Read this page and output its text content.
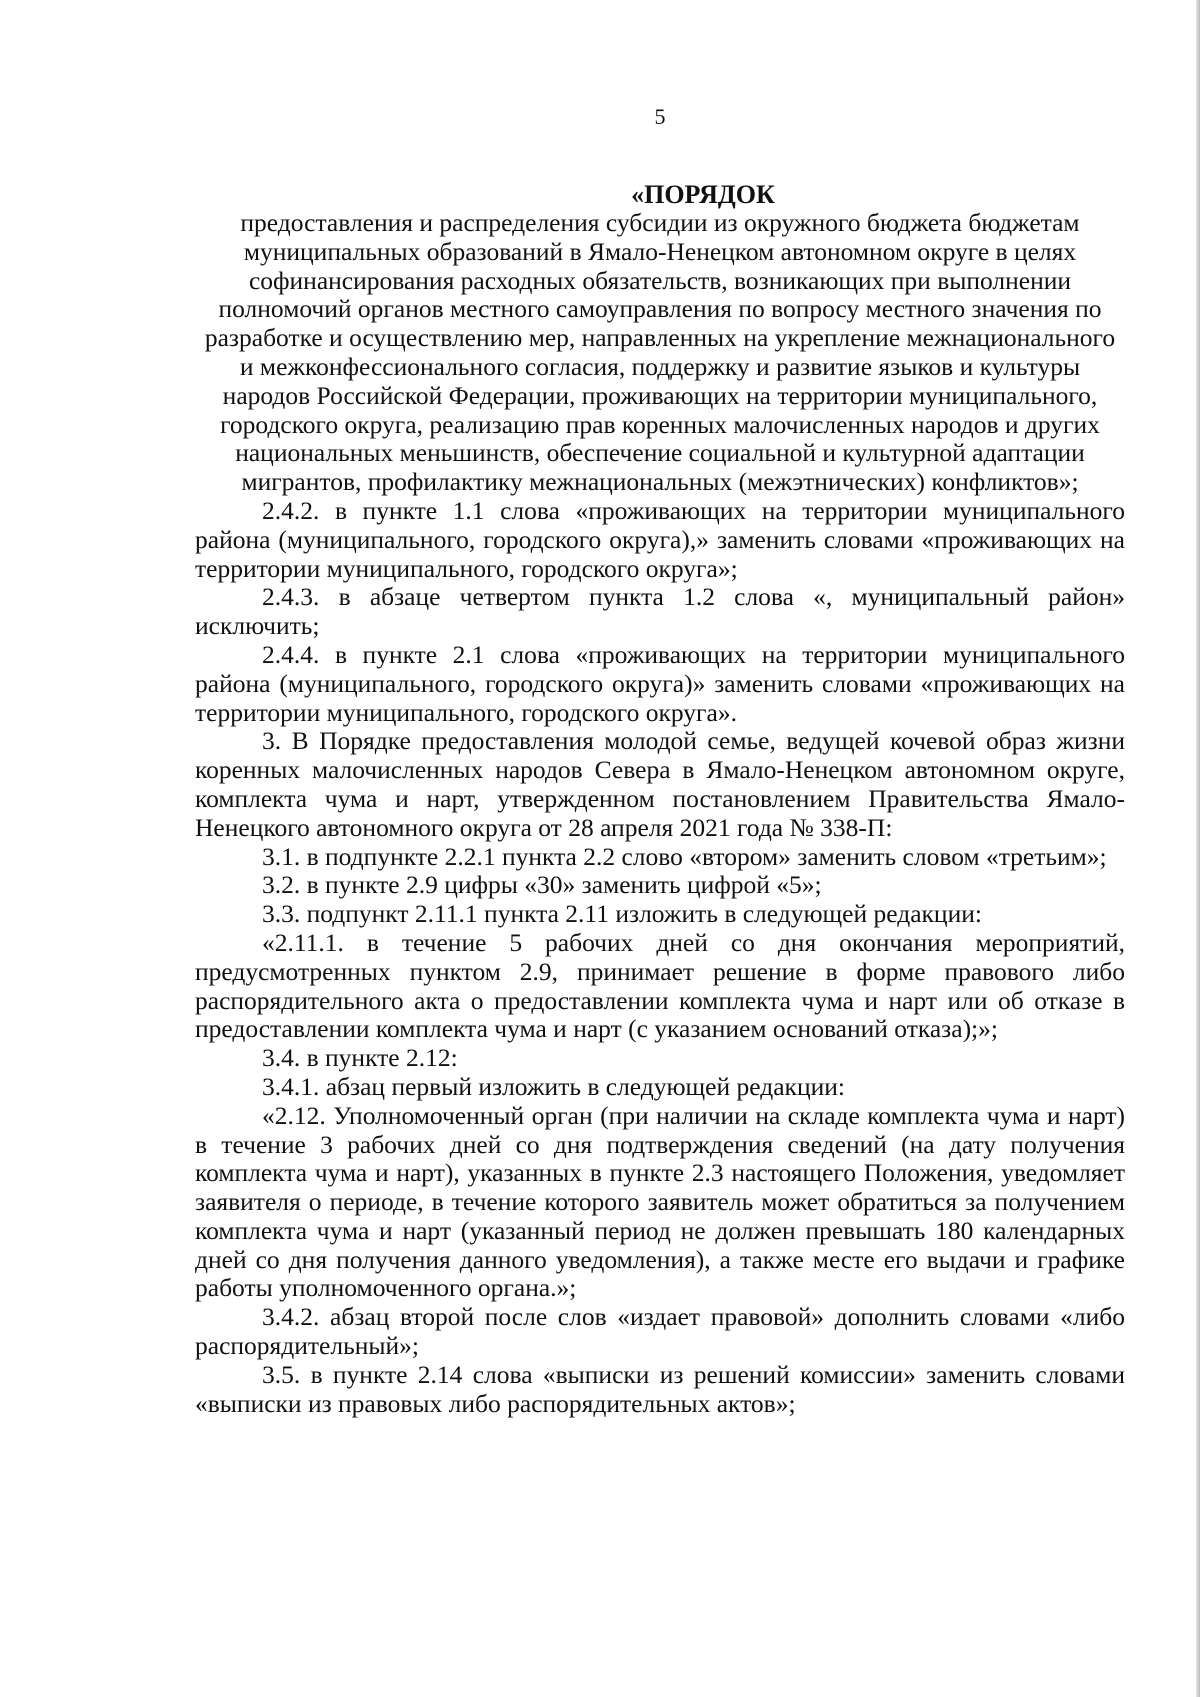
5

«ПОРЯДОК

предоставления и распределения субсидии из окружного бюджета бюджетам муниципальных образований в Ямало-Ненецком автономном округе в целях софинансирования расходных обязательств, возникающих при выполнении полномочий органов местного самоуправления по вопросу местного значения по разработке и осуществлению мер, направленных на укрепление межнационального и межконфессионального согласия, поддержку и развитие языков и культуры народов Российской Федерации, проживающих на территории муниципального, городского округа, реализацию прав коренных малочисленных народов и других национальных меньшинств, обеспечение социальной и культурной адаптации мигрантов, профилактику межнациональных (межэтнических) конфликтов»;

2.4.2. в пункте 1.1 слова «проживающих на территории муниципального района (муниципального, городского округа),» заменить словами «проживающих на территории муниципального, городского округа»;

2.4.3. в абзаце четвертом пункта 1.2 слова «, муниципальный район» исключить;

2.4.4. в пункте 2.1 слова «проживающих на территории муниципального района (муниципального, городского округа)» заменить словами «проживающих на территории муниципального, городского округа».

3. В Порядке предоставления молодой семье, ведущей кочевой образ жизни коренных малочисленных народов Севера в Ямало-Ненецком автономном округе, комплекта чума и нарт, утвержденном постановлением Правительства Ямало-Ненецкого автономного округа от 28 апреля 2021 года № 338-П:

3.1. в подпункте 2.2.1 пункта 2.2 слово «втором» заменить словом «третьим»;

3.2. в пункте 2.9 цифры «30» заменить цифрой «5»;

3.3. подпункт 2.11.1 пункта 2.11 изложить в следующей редакции:

«2.11.1. в течение 5 рабочих дней со дня окончания мероприятий, предусмотренных пунктом 2.9, принимает решение в форме правового либо распорядительного акта о предоставлении комплекта чума и нарт или об отказе в предоставлении комплекта чума и нарт (с указанием оснований отказа);»;

3.4. в пункте 2.12:

3.4.1. абзац первый изложить в следующей редакции:

«2.12. Уполномоченный орган (при наличии на складе комплекта чума и нарт) в течение 3 рабочих дней со дня подтверждения сведений (на дату получения комплекта чума и нарт), указанных в пункте 2.3 настоящего Положения, уведомляет заявителя о периоде, в течение которого заявитель может обратиться за получением комплекта чума и нарт (указанный период не должен превышать 180 календарных дней со дня получения данного уведомления), а также месте его выдачи и графике работы уполномоченного органа.»;

3.4.2. абзац второй после слов «издает правовой» дополнить словами «либо распорядительный»;

3.5. в пункте 2.14 слова «выписки из решений комиссии» заменить словами «выписки из правовых либо распорядительных актов»;
